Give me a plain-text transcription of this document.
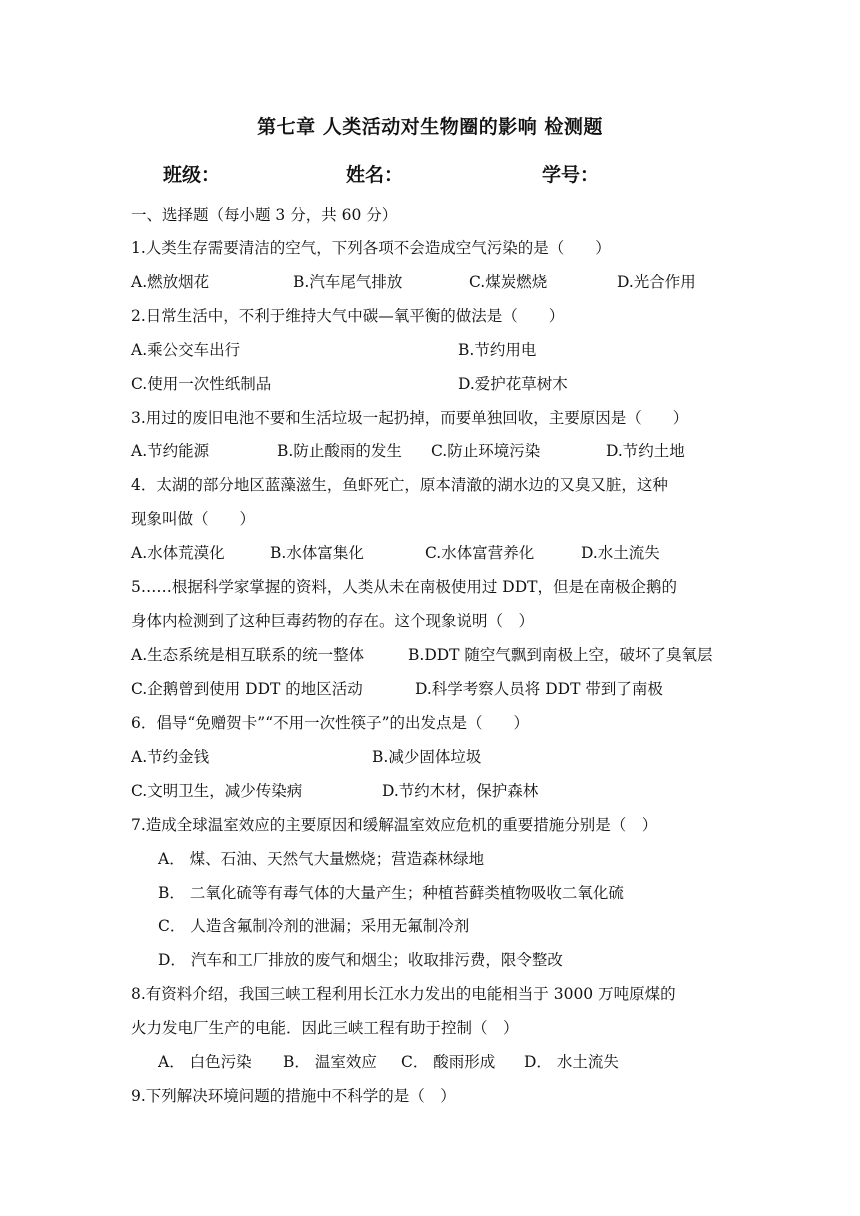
第七章 人类活动对生物圈的影响 检测题
班级：	姓名：	学号：
一、选择题（每小题 3 分，共 60 分）
1.人类生存需要清洁的空气，下列各项不会造成空气污染的是（　　）
A.燃放烟花	B.汽车尾气排放	C.煤炭燃烧	D.光合作用
2.日常生活中，不利于维持大气中碳—氧平衡的做法是（　　）
A.乘公交车出行	B.节约用电
C.使用一次性纸制品	D.爱护花草树木
3.用过的废旧电池不要和生活垃圾一起扔掉，而要单独回收，主要原因是（　　）
A.节约能源	B.防止酸雨的发生 C.防止环境污染	D.节约土地
4．太湖的部分地区蓝藻滋生，鱼虾死亡，原本清澈的湖水边的又臭又脏，这种
现象叫做（　　）
A.水体荒漠化	B.水体富集化	C.水体富营养化	D.水土流失
5……根据科学家掌握的资料，人类从未在南极使用过 DDT，但是在南极企鹅的
身体内检测到了这种巨毒药物的存在。这个现象说明（　）
A.生态系统是相互联系的统一整体	B.DDT 随空气飘到南极上空，破坏了臭氧层
C.企鹅曾到使用 DDT 的地区活动	D.科学考察人员将 DDT 带到了南极
6．倡导“免赠贺卡”“不用一次性筷子”的出发点是（　　）
A.节约金钱	B.减少固体垃圾
C.文明卫生，减少传染病	D.节约木材，保护森林
7.造成全球温室效应的主要原因和缓解温室效应危机的重要措施分别是（　）
A． 煤、石油、天然气大量燃烧；营造森林绿地
B． 二氧化硫等有毒气体的大量产生；种植苔藓类植物吸收二氧化硫
C． 人造含氟制冷剂的泄漏；采用无氟制冷剂
D． 汽车和工厂排放的废气和烟尘；收取排污费，限令整改
8.有资料介绍，我国三峡工程利用长江水力发出的电能相当于 3000 万吨原煤的
火力发电厂生产的电能．因此三峡工程有助于控制（　）
A． 白色污染 B． 温室效应 C． 酸雨形成 D． 水土流失
9.下列解决环境问题的措施中不科学的是（　）
